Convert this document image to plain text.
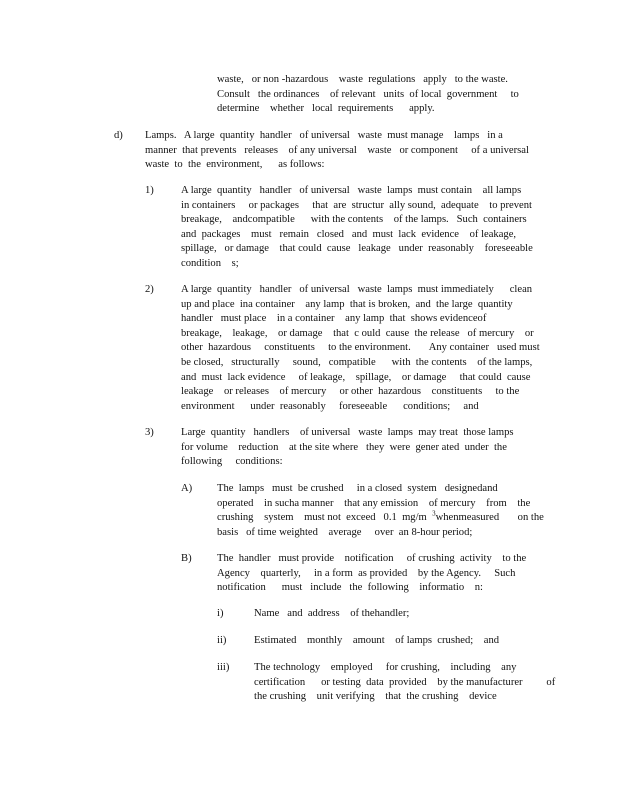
waste,   or non -hazardous    waste  regulations   apply   to the waste.
Consult   the ordinances    of relevant   units  of local  government     to
determine    whether   local  requirements      apply.
d) Lamps.   A large  quantity  handler   of universal   waste  must manage    lamps   in a
manner  that prevents   releases    of any universal    waste   or component     of a universal
waste  to  the  environment,      as follows:
1)	A large  quantity   handler   of universal   waste  lamps  must contain    all lamps
in containers     or packages     that  are  structur  ally sound,  adequate    to prevent
breakage,    andcompatible      with the contents    of the lamps.   Such  containers
and  packages    must   remain   closed   and  must  lack  evidence    of leakage,
spillage,   or damage    that could  cause   leakage   under  reasonably    foreseeable
condition    s;
2)	A large  quantity   handler   of universal   waste  lamps  must immediately      clean
up and place  ina container    any lamp  that is broken,  and  the large  quantity
handler   must place    in a container    any lamp  that  shows evidenceof
breakage,    leakage,    or damage    that  c ould  cause  the release   of mercury    or
other  hazardous     constituents     to the environment.       Any container   used must
be closed,   structurally     sound,   compatible      with  the contents    of the lamps,
and  must  lack evidence     of leakage,    spillage,    or damage     that could  cause
leakage    or releases    of mercury     or other  hazardous    constituents     to the
environment      under  reasonably     foreseeable      conditions;     and
3)	Large  quantity   handlers    of universal   waste  lamps  may treat  those lamps
for volume    reduction    at the site where   they  were  gener ated  under  the
following     conditions:
A) The  lamps   must  be crushed     in a closed  system   designedand
operated    in sucha manner    that any emission    of mercury    from    the
crushing    system    must not  exceed   0.1  mg/m  $^3$whenmeasured       on the
basis   of time weighted    average     over  an 8-hour period;
B) The  handler   must provide    notification     of crushing  activity    to the
Agency    quarterly,     in a form  as provided    by the Agency.     Such
notification      must   include   the  following    informatio    n:
i)	Name   and  address    of thehandler;
ii)	Estimated    monthly    amount    of lamps  crushed;    and
iii) The technology    employed     for crushing,    including    any
certification      or testing  data  provided    by the manufacturer         of
the crushing    unit verifying    that  the crushing    device
